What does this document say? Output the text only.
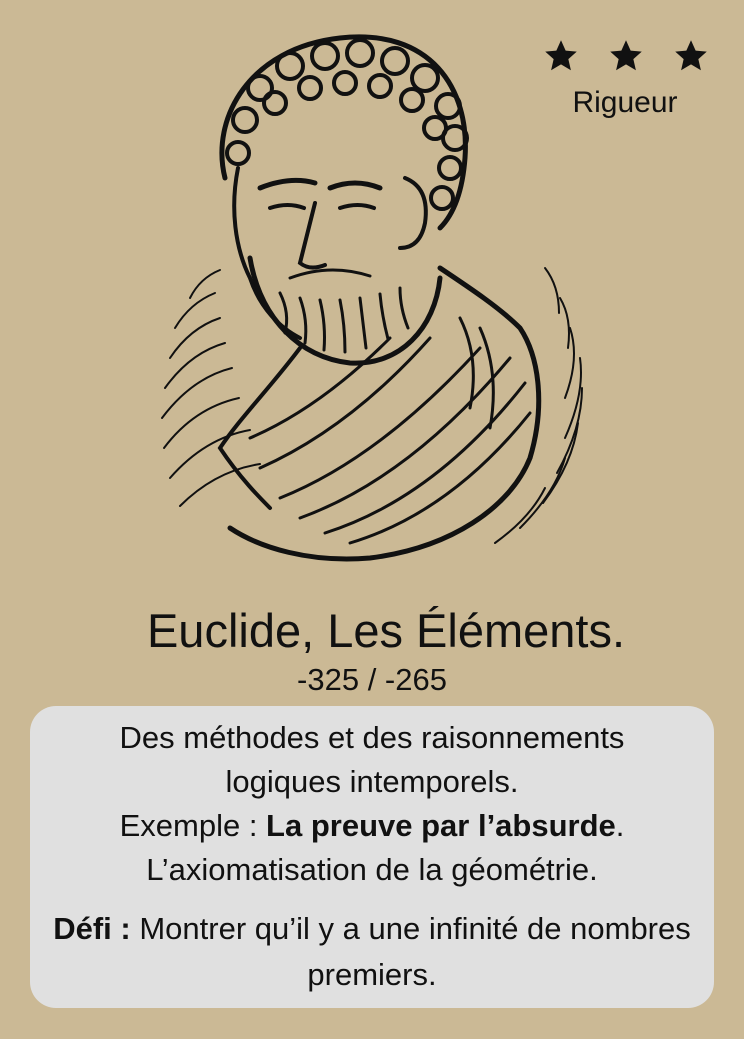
Rigueur
Euclide, Les Éléments.
-325 / -265

Des méthodes et des raisonnements

logiques intemporels.

Exemple : La preuve par l’absurde.

L’axiomatisation de la géométrie.

Défi : Montrer qu’il y a une infinité de nombres premiers.
